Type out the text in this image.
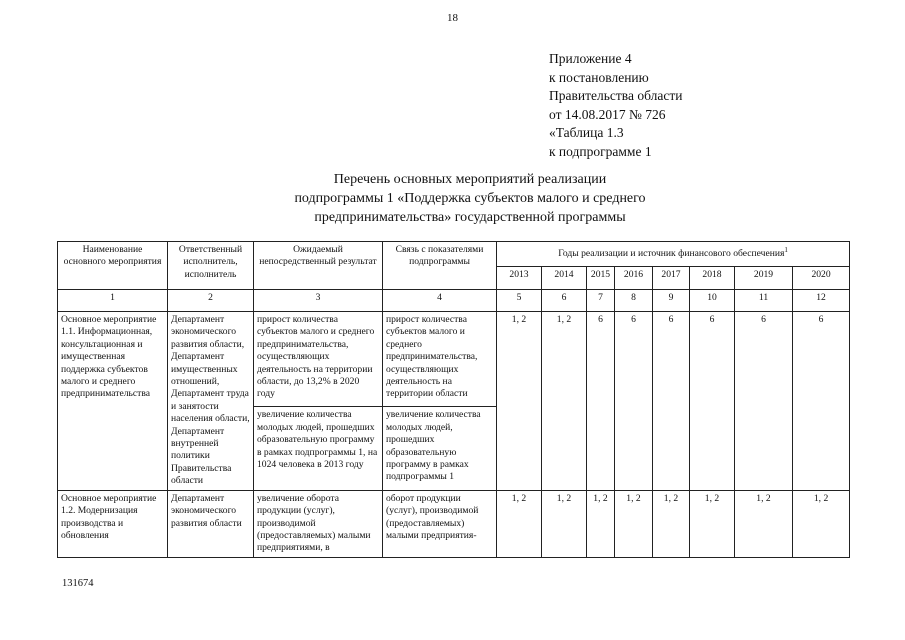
18
Приложение 4
к постановлению
Правительства области
от 14.08.2017 № 726
«Таблица 1.3
к подпрограмме 1
Перечень основных мероприятий реализации
подпрограммы 1 «Поддержка субъектов малого и среднего
предпринимательства» государственной программы
Наименование основного мероприятия	Ответственный исполнитель, исполнитель	Ожидаемый непосредственный результат	Связь с показателями подпрограммы	Годы реализации и источник финансового обеспечения$^1$
				2013	2014	2015	2016	2017	2018	2019	2020
1	2	3	4	5	6	7	8	9	10	11	12
Основное мероприятие 1.1. Информационная, консультационная и имущественная поддержка субъектов малого и среднего предпринимательства	Департамент экономического развития области, Департамент имущественных отношений, Департамент труда и занятости населения области, Департамент внутренней политики Правительства области	прирост количества субъектов малого и среднего предпринимательства, осуществляющих деятельность на территории области, до 13,2% в 2020 году	прирост количества субъектов малого и среднего предпринимательства, осуществляющих деятельность на территории области	1, 2	1, 2	6	6	6	6	6	6
		увеличение количества молодых людей, прошедших образовательную программу в рамках подпрограммы 1, на 1024 человека в 2013 году	увеличение количества молодых людей, прошедших образовательную программу в рамках подпрограммы 1								
Основное мероприятие 1.2. Модернизация производства и обновления	Департамент экономического развития области	увеличение оборота продукции (услуг), производимой (предоставляемых) малыми предприятиями, в	оборот продукции (услуг), производимой (предоставляемых) малыми предприятия-	1, 2	1, 2	1, 2	1, 2	1, 2	1, 2	1, 2	1, 2
131674
